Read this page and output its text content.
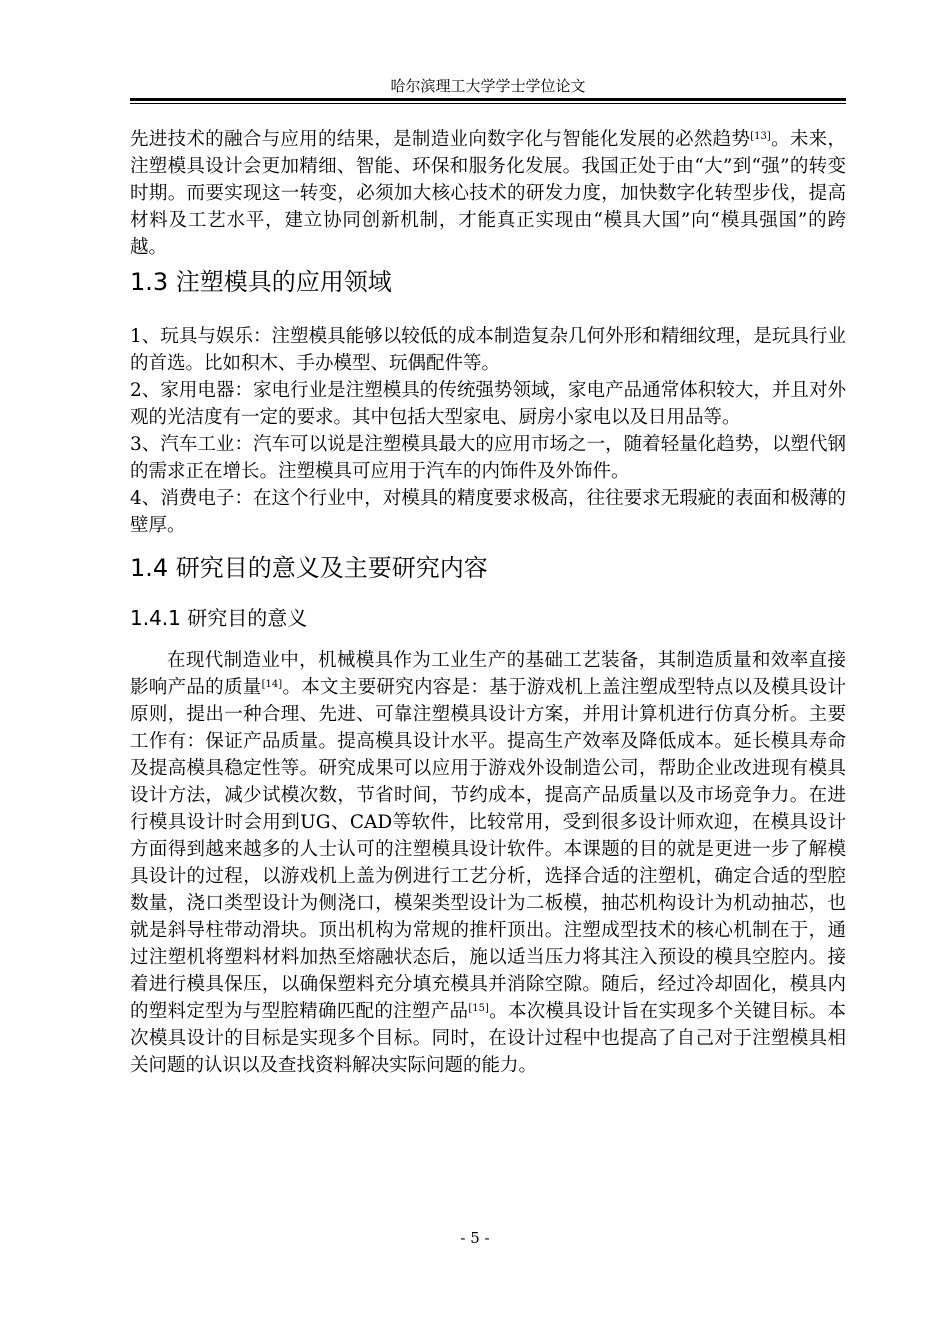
哈尔滨理工大学学士学位论文

先进技术的融合与应用的结果，是制造业向数字化与智能化发展的必然趋势[13]。未来，注塑模具设计会更加精细、智能、环保和服务化发展。我国正处于由“大”到“强”的转变时期。而要实现这一转变，必须加大核心技术的研发力度，加快数字化转型步伐，提高材料及工艺水平，建立协同创新机制，才能真正实现由“模具大国”向“模具强国”的跨越。

1.3 注塑模具的应用领域

1、玩具与娱乐：注塑模具能够以较低的成本制造复杂几何外形和精细纹理，是玩具行业的首选。比如积木、手办模型、玩偶配件等。

2、家用电器：家电行业是注塑模具的传统强势领域，家电产品通常体积较大，并且对外观的光洁度有一定的要求。其中包括大型家电、厨房小家电以及日用品等。

3、汽车工业：汽车可以说是注塑模具最大的应用市场之一，随着轻量化趋势，以塑代钢的需求正在增长。注塑模具可应用于汽车的内饰件及外饰件。

4、消费电子：在这个行业中，对模具的精度要求极高，往往要求无瑕疵的表面和极薄的壁厚。

1.4 研究目的意义及主要研究内容
1.4.1 研究目的意义

在现代制造业中，机械模具作为工业生产的基础工艺装备，其制造质量和效率直接影响产品的质量[14]。本文主要研究内容是：基于游戏机上盖注塑成型特点以及模具设计原则，提出一种合理、先进、可靠注塑模具设计方案，并用计算机进行仿真分析。主要工作有：保证产品质量。提高模具设计水平。提高生产效率及降低成本。延长模具寿命及提高模具稳定性等。研究成果可以应用于游戏外设制造公司，帮助企业改进现有模具设计方法，减少试模次数，节省时间，节约成本，提高产品质量以及市场竞争力。在进行模具设计时会用到UG、CAD等软件，比较常用，受到很多设计师欢迎，在模具设计方面得到越来越多的人士认可的注塑模具设计软件。本课题的目的就是更进一步了解模具设计的过程，以游戏机上盖为例进行工艺分析，选择合适的注塑机，确定合适的型腔数量，浇口类型设计为侧浇口，模架类型设计为二板模，抽芯机构设计为机动抽芯，也就是斜导柱带动滑块。顶出机构为常规的推杆顶出。注塑成型技术的核心机制在于，通过注塑机将塑料材料加热至熔融状态后，施以适当压力将其注入预设的模具空腔内。接着进行模具保压，以确保塑料充分填充模具并消除空隙。随后，经过冷却固化，模具内的塑料定型为与型腔精确匹配的注塑产品[15]。本次模具设计旨在实现多个关键目标。本次模具设计的目标是实现多个目标。同时，在设计过程中也提高了自己对于注塑模具相关问题的认识以及查找资料解决实际问题的能力。

- 5 -
